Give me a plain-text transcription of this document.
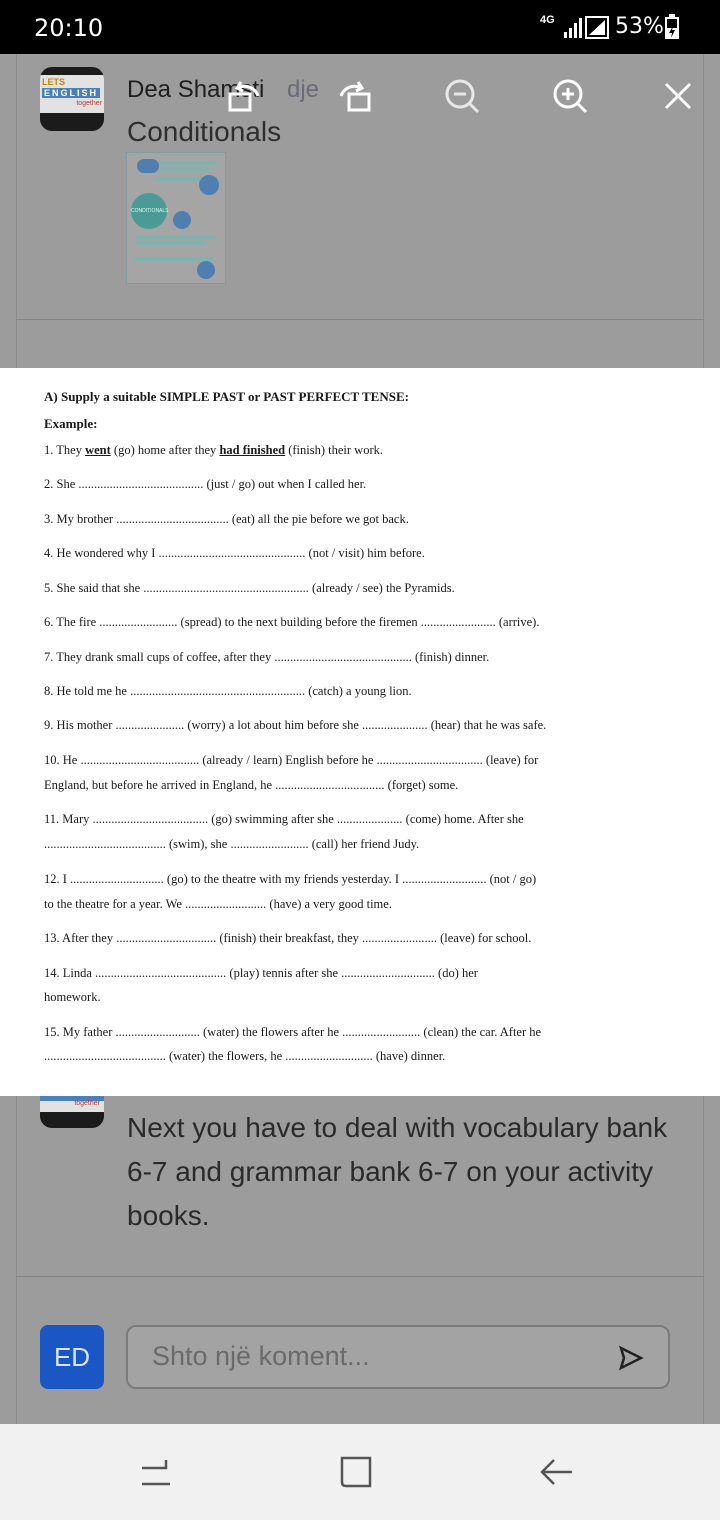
20:10	4G	53%
LETS
ENGLISH
together
Dea Shamsti dje
Conditionals
CONDITIONALS
A) Supply a suitable SIMPLE PAST or PAST PERFECT TENSE:
Example:
1. They went (go) home after they had finished (finish) their work.
2. She ........................................ (just / go) out when I called her.
3. My brother .................................... (eat) all the pie before we got back.
4. He wondered why I ............................................... (not / visit) him before.
5. She said that she ..................................................... (already / see) the Pyramids.
6. The fire ......................... (spread) to the next building before the firemen ........................ (arrive).
7. They drank small cups of coffee, after they ............................................ (finish) dinner.
8. He told me he ........................................................ (catch) a young lion.
9. His mother ...................... (worry) a lot about him before she ..................... (hear) that he was safe.
10. He ...................................... (already / learn) English before he .................................. (leave) for
England, but before he arrived in England, he ................................... (forget) some.
11. Mary ..................................... (go) swimming after she ..................... (come) home. After she
....................................... (swim), she ......................... (call) her friend Judy.
12. I .............................. (go) to the theatre with my friends yesterday. I ........................... (not / go)
to the theatre for a year. We .......................... (have) a very good time.
13. After they ................................ (finish) their breakfast, they ........................ (leave) for school.
14. Linda .......................................... (play) tennis after she .............................. (do) her
homework.
15. My father ........................... (water) the flowers after he ......................... (clean) the car. After he
....................................... (water) the flowers, he ............................ (have) dinner.
together
Next you have to deal with vocabulary bank 6-7 and grammar bank 6-7 on your activity books.
ED
Shto një koment...
